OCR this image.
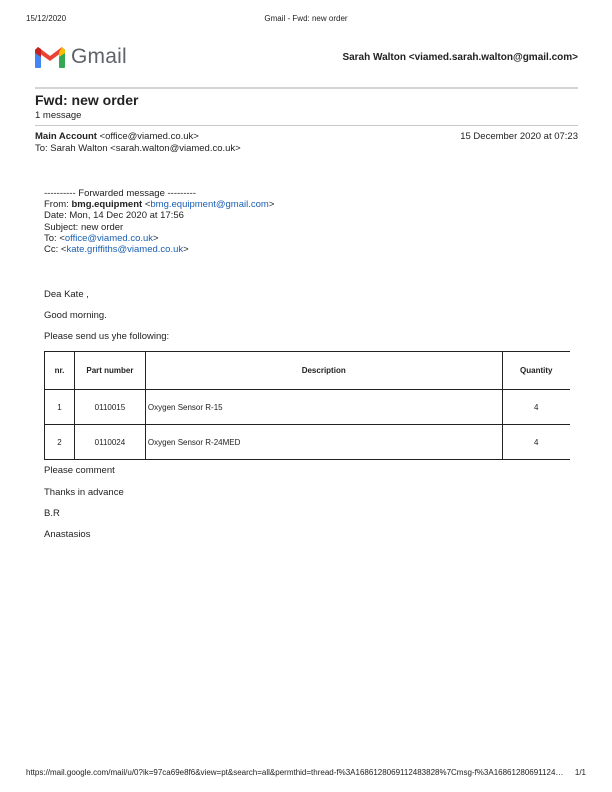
15/12/2020	Gmail - Fwd: new order
Gmail	Sarah Walton <viamed.sarah.walton@gmail.com>
Fwd: new order
1 message
Main Account <office@viamed.co.uk>	15 December 2020 at 07:23
To: Sarah Walton <sarah.walton@viamed.co.uk>
---------- Forwarded message ---------
From: bmg.equipment <bmg.equipment@gmail.com>
Date: Mon, 14 Dec 2020 at 17:56
Subject: new order
To: <office@viamed.co.uk>
Cc: <kate.griffiths@viamed.co.uk>
Dea Kate ,
Good morning.
Please send us yhe following:
nr.	Part number	Description	Quantity
1	0110015	Oxygen Sensor R-15	4
2	0110024	Oxygen Sensor R-24MED	4
Please comment
Thanks in advance
B.R
Anastasios
https://mail.google.com/mail/u/0?ik=97ca69e8f6&view=pt&search=all&permthid=thread-f%3A1686128069112483828%7Cmsg-f%3A16861280691124…	1/1
